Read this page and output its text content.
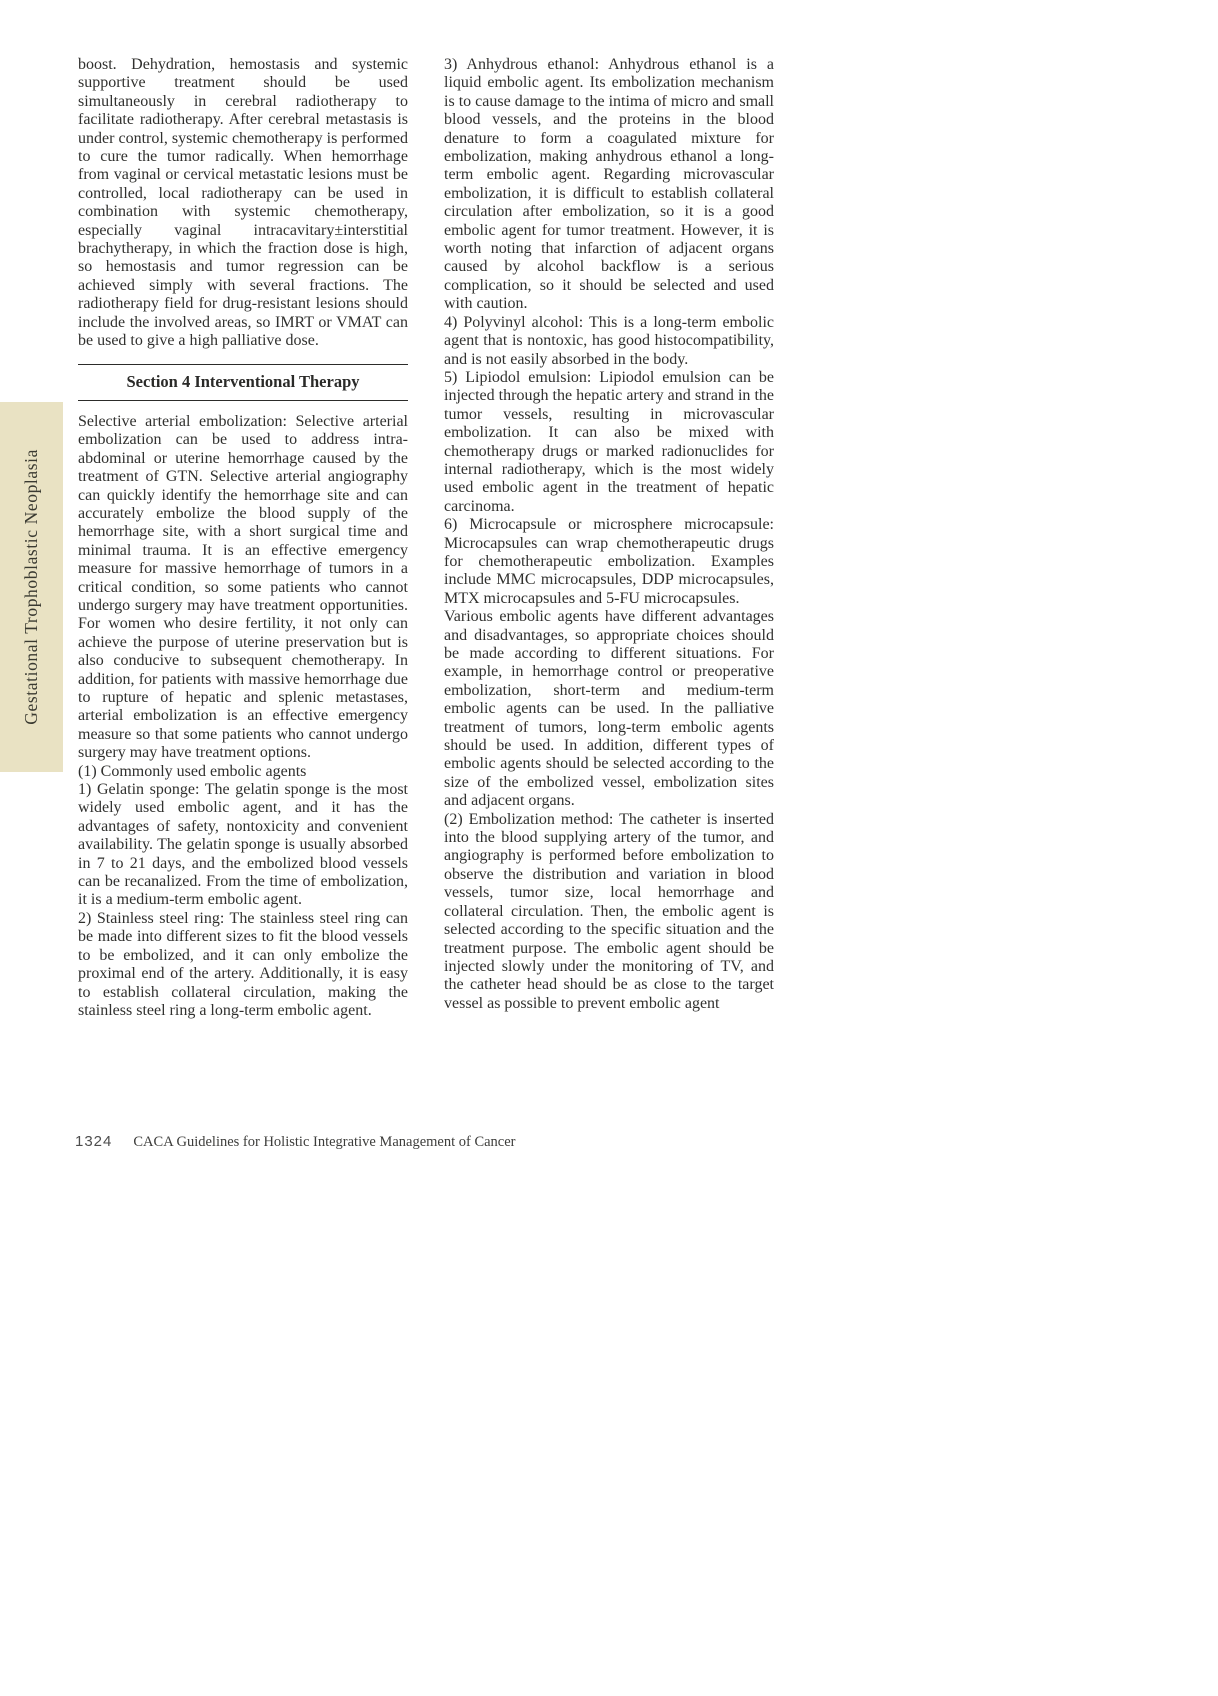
Gestational Trophoblastic Neoplasia

boost. Dehydration, hemostasis and systemic supportive treatment should be used simultaneously in cerebral radiotherapy to facilitate radiotherapy. After cerebral metastasis is under control, systemic chemotherapy is performed to cure the tumor radically. When hemorrhage from vaginal or cervical metastatic lesions must be controlled, local radiotherapy can be used in combination with systemic chemotherapy, especially vaginal intracavitary±interstitial brachytherapy, in which the fraction dose is high, so hemostasis and tumor regression can be achieved simply with several fractions. The radiotherapy field for drug-resistant lesions should include the involved areas, so IMRT or VMAT can be used to give a high palliative dose.

Section 4 Interventional Therapy

Selective arterial embolization: Selective arterial embolization can be used to address intra-abdominal or uterine hemorrhage caused by the treatment of GTN. Selective arterial angiography can quickly identify the hemorrhage site and can accurately embolize the blood supply of the hemorrhage site, with a short surgical time and minimal trauma. It is an effective emergency measure for massive hemorrhage of tumors in a critical condition, so some patients who cannot undergo surgery may have treatment opportunities. For women who desire fertility, it not only can achieve the purpose of uterine preservation but is also conducive to subsequent chemotherapy. In addition, for patients with massive hemorrhage due to rupture of hepatic and splenic metastases, arterial embolization is an effective emergency measure so that some patients who cannot undergo surgery may have treatment options.

(1) Commonly used embolic agents

1) Gelatin sponge: The gelatin sponge is the most widely used embolic agent, and it has the advantages of safety, nontoxicity and convenient availability. The gelatin sponge is usually absorbed in 7 to 21 days, and the embolized blood vessels can be recanalized. From the time of embolization, it is a medium-term embolic agent.

2) Stainless steel ring: The stainless steel ring can be made into different sizes to fit the blood vessels to be embolized, and it can only embolize the proximal end of the artery. Additionally, it is easy to establish collateral circulation, making the stainless steel ring a long-term embolic agent.

3) Anhydrous ethanol: Anhydrous ethanol is a liquid embolic agent. Its embolization mechanism is to cause damage to the intima of micro and small blood vessels, and the proteins in the blood denature to form a coagulated mixture for embolization, making anhydrous ethanol a long-term embolic agent. Regarding microvascular embolization, it is difficult to establish collateral circulation after embolization, so it is a good embolic agent for tumor treatment. However, it is worth noting that infarction of adjacent organs caused by alcohol backflow is a serious complication, so it should be selected and used with caution.

4) Polyvinyl alcohol: This is a long-term embolic agent that is nontoxic, has good histocompatibility, and is not easily absorbed in the body.

5) Lipiodol emulsion: Lipiodol emulsion can be injected through the hepatic artery and strand in the tumor vessels, resulting in microvascular embolization. It can also be mixed with chemotherapy drugs or marked radionuclides for internal radiotherapy, which is the most widely used embolic agent in the treatment of hepatic carcinoma.

6) Microcapsule or microsphere microcapsule: Microcapsules can wrap chemotherapeutic drugs for chemotherapeutic embolization. Examples include MMC microcapsules, DDP microcapsules, MTX microcapsules and 5-FU microcapsules.

Various embolic agents have different advantages and disadvantages, so appropriate choices should be made according to different situations. For example, in hemorrhage control or preoperative embolization, short-term and medium-term embolic agents can be used. In the palliative treatment of tumors, long-term embolic agents should be used. In addition, different types of embolic agents should be selected according to the size of the embolized vessel, embolization sites and adjacent organs.

(2) Embolization method: The catheter is inserted into the blood supplying artery of the tumor, and angiography is performed before embolization to observe the distribution and variation in blood vessels, tumor size, local hemorrhage and collateral circulation. Then, the embolic agent is selected according to the specific situation and the treatment purpose. The embolic agent should be injected slowly under the monitoring of TV, and the catheter head should be as close to the target vessel as possible to prevent embolic agent

1324 CACA Guidelines for Holistic Integrative Management of Cancer
